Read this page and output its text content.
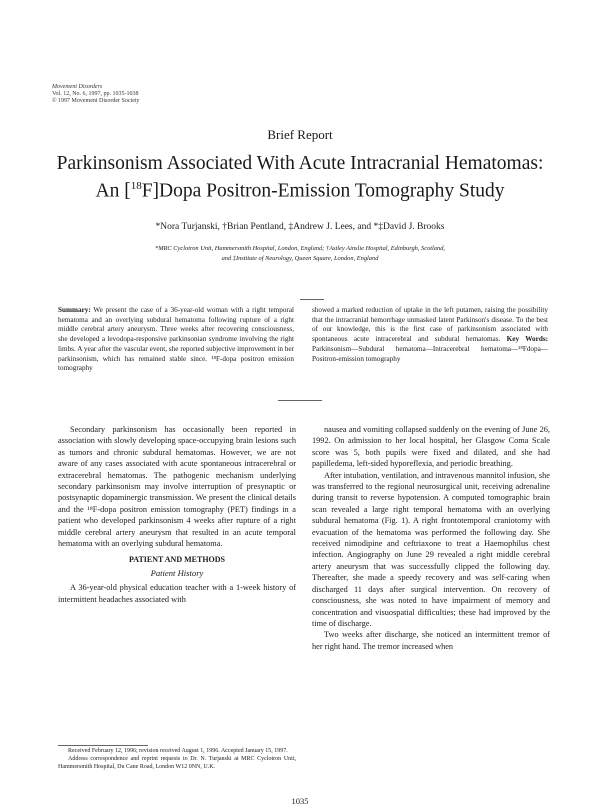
Movement Disorders
Vol. 12, No. 6, 1997, pp. 1035-1038
© 1997 Movement Disorder Society
Brief Report
Parkinsonism Associated With Acute Intracranial Hematomas:
An [$^{18}$F]Dopa Positron-Emission Tomography Study
*Nora Turjanski, †Brian Pentland, ‡Andrew J. Lees, and *‡David J. Brooks
*MRC Cyclotron Unit, Hammersmith Hospital, London, England; †Astley Ainslie Hospital, Edinburgh, Scotland,
and ‡Institute of Neurology, Queen Square, London, England
Summary: We present the case of a 36-year-old woman with a right temporal hematoma and an overlying subdural hematoma following rupture of a right middle cerebral artery aneurysm. Three weeks after recovering consciousness, she developed a levodopa-responsive parkinsonian syndrome involving the right limbs. A year after the vascular event, she reported subjective improvement in her parkinsonism, which has remained stable since. ¹⁸F-dopa positron emission tomography
showed a marked reduction of uptake in the left putamen, raising the possibility that the intracranial hemorrhage unmasked latent Parkinson's disease. To the best of our knowledge, this is the first case of parkinsonism associated with spontaneous acute intracerebral and subdural hematomas. Key Words: Parkinsonism—Subdural hematoma—Intracerebral hematoma—¹⁸Fdopa—Positron-emission tomography

Secondary parkinsonism has occasionally been reported in association with slowly developing space-occupying brain lesions such as tumors and chronic subdural hematomas. However, we are not aware of any cases associated with acute spontaneous intracerebral or extracerebral hematomas. The pathogenic mechanism underlying secondary parkinsonism may involve interruption of presynaptic or postsynaptic dopaminergic transmission. We present the clinical details and the ¹⁸F-dopa positron emission tomography (PET) findings in a patient who developed parkinsonism 4 weeks after rupture of a right middle cerebral artery aneurysm that resulted in an acute temporal hematoma with an overlying subdural hematoma.

PATIENT AND METHODS
Patient History

A 36-year-old physical education teacher with a 1-week history of intermittent headaches associated with

nausea and vomiting collapsed suddenly on the evening of June 26, 1992. On admission to her local hospital, her Glasgow Coma Scale score was 5, both pupils were fixed and dilated, and she had papilledema, left-sided hyporeflexia, and periodic breathing.

After intubation, ventilation, and intravenous mannitol infusion, she was transferred to the regional neurosurgical unit, receiving adrenaline during transit to reverse hypotension. A computed tomographic brain scan revealed a large right temporal hematoma with an overlying subdural hematoma (Fig. 1). A right frontotemporal craniotomy with evacuation of the hematoma was performed the following day. She received nimodipine and ceftriaxone to treat a Haemophilus chest infection. Angiography on June 29 revealed a right middle cerebral artery aneurysm that was successfully clipped the following day. Thereafter, she made a speedy recovery and was self-caring when discharged 11 days after surgical intervention. On recovery of consciousness, she was noted to have impairment of memory and concentration and visuospatial difficulties; these had improved by the time of discharge.

Two weeks after discharge, she noticed an intermittent tremor of her right hand. The tremor increased when

Received February 12, 1996; revision received August 1, 1996. Accepted January 15, 1997.

Address correspondence and reprint requests to Dr. N. Turjanski at MRC Cyclotron Unit, Hammersmith Hospital, Du Cane Road, London W12 0NN, U.K.

1035
